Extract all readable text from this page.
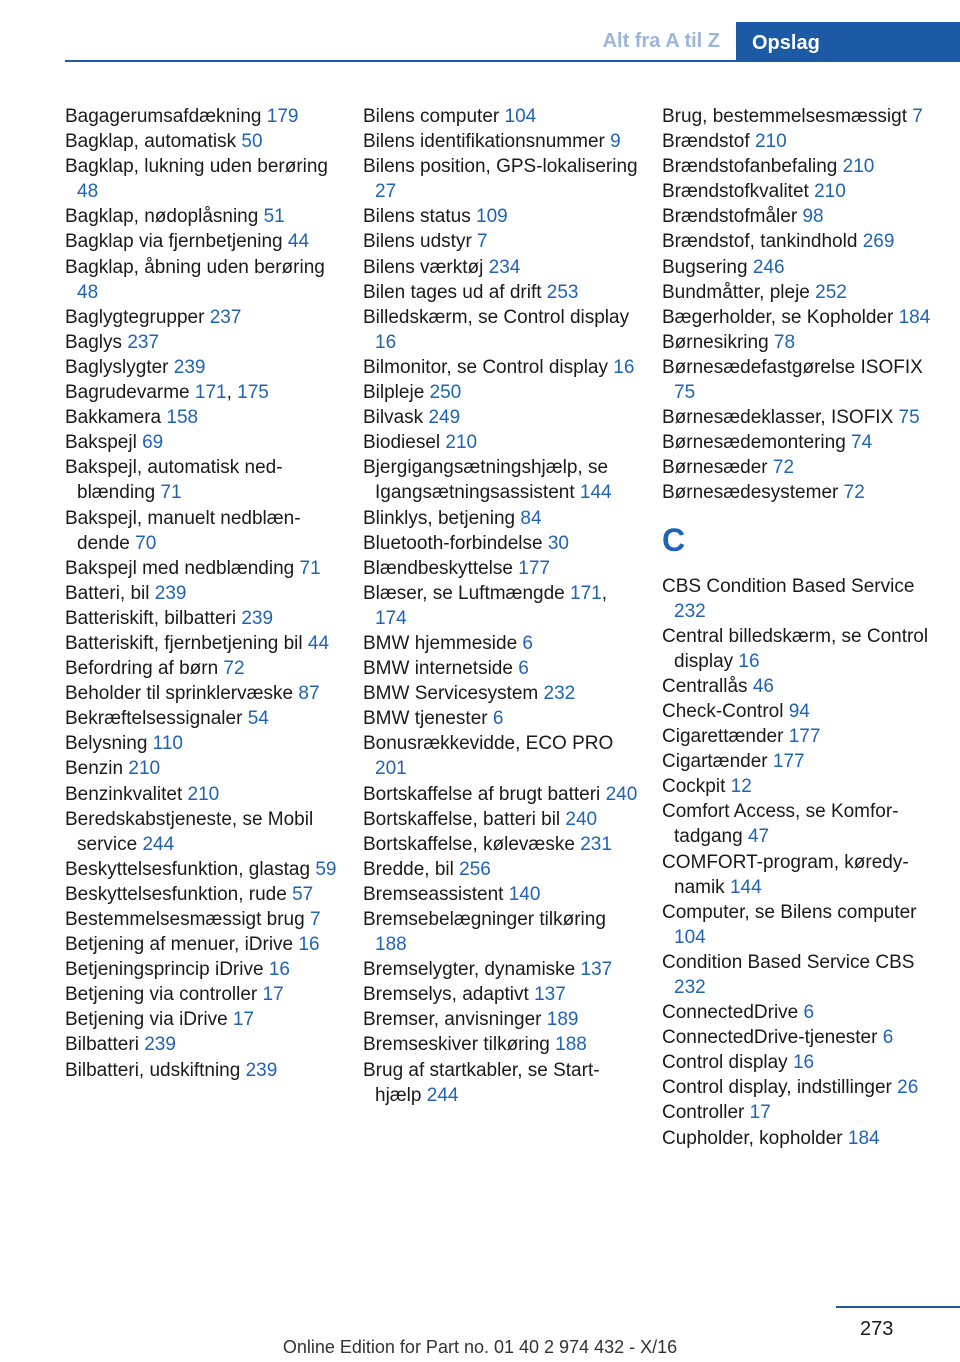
Alt fra A til Z	Opslag
Bagagerumsafdækning 179
Bagklap, automatisk 50
Bagklap, lukning uden berøring 48
Bagklap, nødoplåsning 51
Bagklap via fjernbetjening 44
Bagklap, åbning uden berøring 48
Baglygtegrupper 237
Baglys 237
Baglyslygter 239
Bagrudevarme 171, 175
Bakkamera 158
Bakspejl 69
Bakspejl, automatisk nedblænding 71
Bakspejl, manuelt nedblændende 70
Bakspejl med nedblænding 71
Batteri, bil 239
Batteriskift, bilbatteri 239
Batteriskift, fjernbetjening bil 44
Befordring af børn 72
Beholder til sprinklervæske 87
Bekræftelsessignaler 54
Belysning 110
Benzin 210
Benzinkvalitet 210
Beredskabstjeneste, se Mobil service 244
Beskyttelsesfunktion, glastag 59
Beskyttelsesfunktion, rude 57
Bestemmelsesmæssigt brug 7
Betjening af menuer, iDrive 16
Betjeningsprincip iDrive 16
Betjening via controller 17
Betjening via iDrive 17
Bilbatteri 239
Bilbatteri, udskiftning 239
Bilens computer 104
Bilens identifikationsnummer 9
Bilens position, GPS-lokalisering 27
Bilens status 109
Bilens udstyr 7
Bilens værktøj 234
Bilen tages ud af drift 253
Billedskærm, se Control display 16
Bilmonitor, se Control display 16
Bilpleje 250
Bilvask 249
Biodiesel 210
Bjergigangsætningshjælp, se Igangsætningsassistent 144
Blinklys, betjening 84
Bluetooth-forbindelse 30
Blændbeskyttelse 177
Blæser, se Luftmængde 171, 174
BMW hjemmeside 6
BMW internetside 6
BMW Servicesystem 232
BMW tjenester 6
Bonusrækkevidde, ECO PRO 201
Bortskaffelse af brugt batteri 240
Bortskaffelse, batteri bil 240
Bortskaffelse, kølevæske 231
Bredde, bil 256
Bremseassistent 140
Bremsebelægninger tilkøring 188
Bremselygter, dynamiske 137
Bremselys, adaptivt 137
Bremser, anvisninger 189
Bremseskiver tilkøring 188
Brug af startkabler, se Starthjælp 244
Brug, bestemmelsesmæssigt 7
Brændstof 210
Brændstofanbefaling 210
Brændstofkvalitet 210
Brændstofmåler 98
Brændstof, tankindhold 269
Bugsering 246
Bundmåtter, pleje 252
Bægerholder, se Kopholder 184
Børnesikring 78
Børnesædefastgørelse ISOFIX 75
Børnesædeklasser, ISOFIX 75
Børnesædemontering 74
Børnesæder 72
Børnesædesystemer 72
C
CBS Condition Based Service 232
Central billedskærm, se Control display 16
Centrallås 46
Check-Control 94
Cigarettænder 177
Cigartænder 177
Cockpit 12
Comfort Access, se Komfortadgang 47
COMFORT-program, køredynamik 144
Computer, se Bilens computer 104
Condition Based Service CBS 232
ConnectedDrive 6
ConnectedDrive-tjenester 6
Control display 16
Control display, indstillinger 26
Controller 17
Cupholder, kopholder 184
273
Online Edition for Part no. 01 40 2 974 432 - X/16
